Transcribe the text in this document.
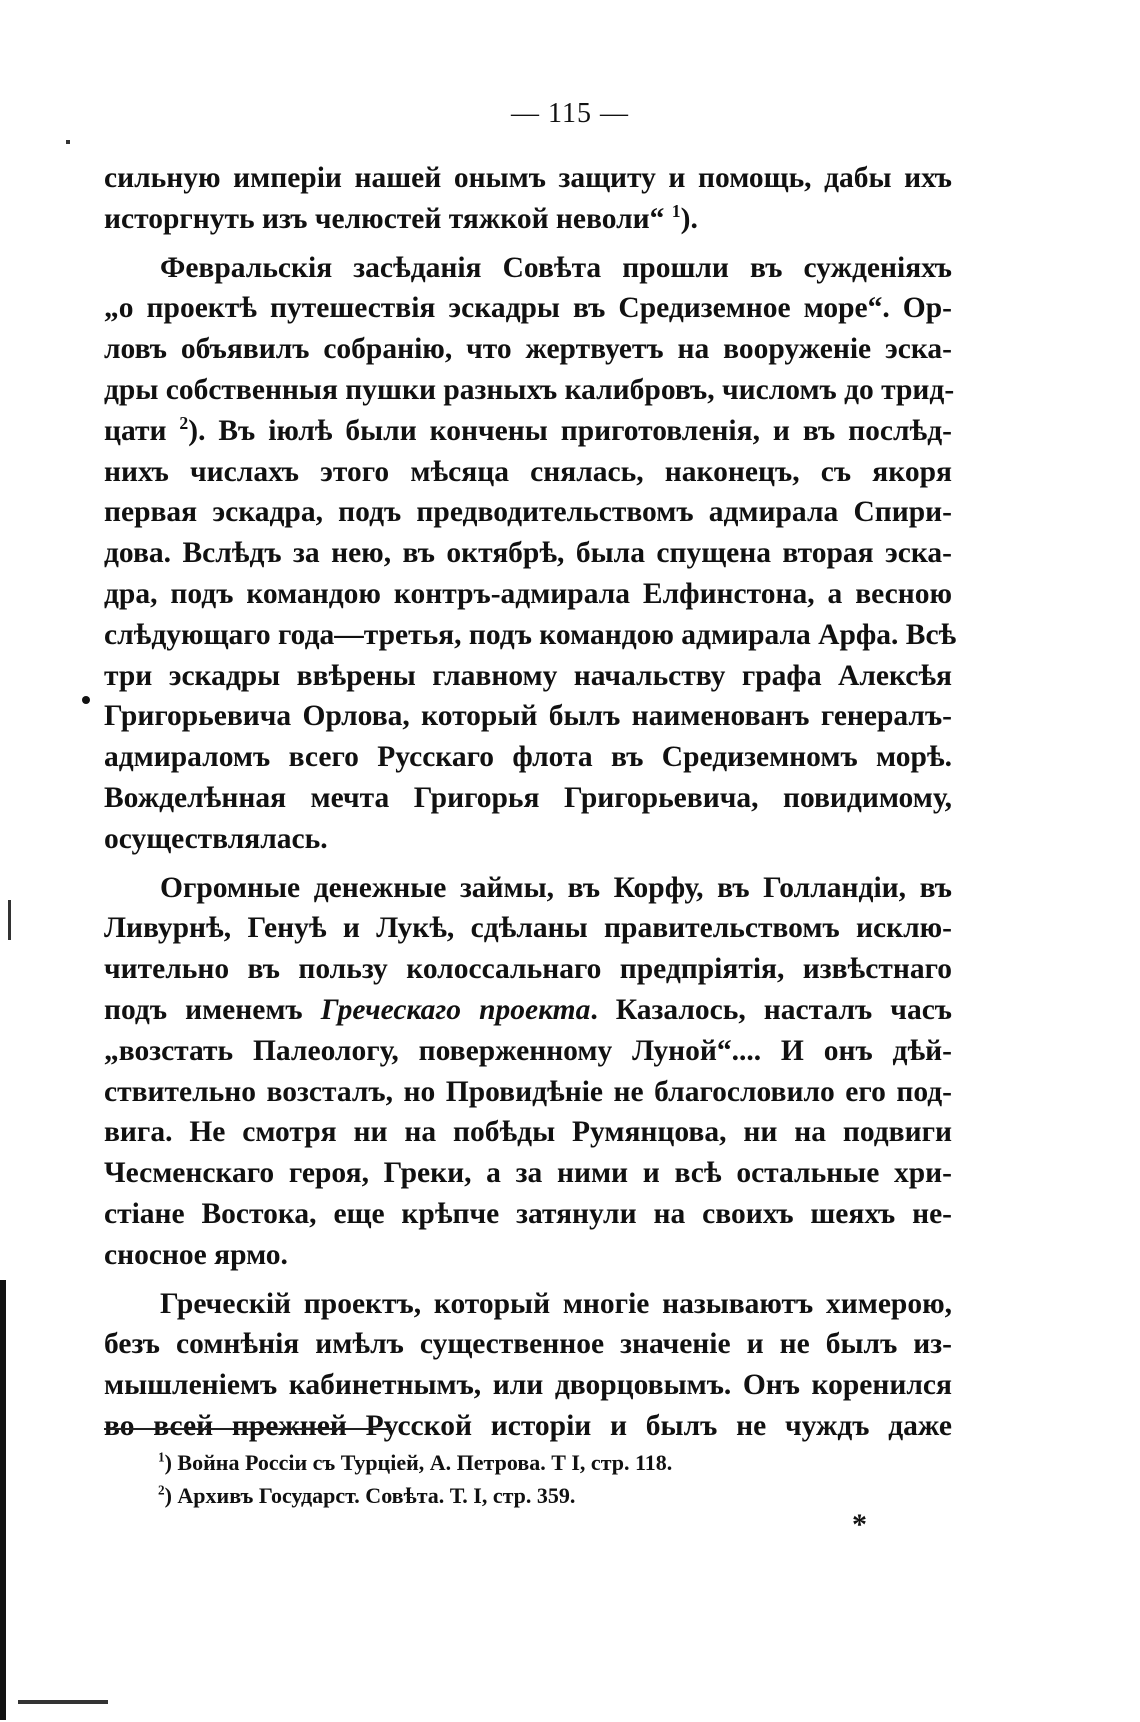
— 115 —
сильную имперіи нашей онымъ защиту и помощь, дабы ихъ
исторгнуть изъ челюстей тяжкой неволи“ $^1$).
Февральскія засѣданія Совѣта прошли въ сужденіяхъ
„о проектѣ путешествія эскадры въ Средиземное море“. Ор-
ловъ объявилъ собранію, что жертвуетъ на вооруженіе эска-
дры собственныя пушки разныхъ калибровъ, числомъ до трид-
цати $^2$). Въ іюлѣ были кончены приготовленія, и въ послѣд-
нихъ числахъ этого мѣсяца снялась, наконецъ, съ якоря
первая эскадра, подъ предводительствомъ адмирала Спири-
дова. Вслѣдъ за нею, въ октябрѣ, была спущена вторая эска-
дра, подъ командою контръ-адмирала Елфинстона, а весною
слѣдующаго года—третья, подъ командою адмирала Арфа. Всѣ
три эскадры ввѣрены главному начальству графа Алексѣя
Григорьевича Орлова, который былъ наименованъ генералъ-
адмираломъ всего Русскаго флота въ Средиземномъ морѣ.
Вожделѣнная мечта Григорья Григорьевича, повидимому,
осуществлялась.
Огромные денежные займы, въ Корфу, въ Голландіи, въ
Ливурнѣ, Генуѣ и Лукѣ, сдѣланы правительствомъ исклю-
чительно въ пользу колоссальнаго предпріятія, извѣстнаго
подъ именемъ Греческаго проекта. Казалось, насталъ часъ
„возстать Палеологу, поверженному Луной“.... И онъ дѣй-
ствительно возсталъ, но Провидѣніе не благословило его под-
вига. Не смотря ни на побѣды Румянцова, ни на подвиги
Чесменскаго героя, Греки, а за ними и всѣ остальные хри-
стіане Востока, еще крѣпче затянули на своихъ шеяхъ не-
сносное ярмо.
Греческій проектъ, который многіе называютъ химерою,
безъ сомнѣнія имѣлъ существенное значеніе и не былъ из-
мышленіемъ кабинетнымъ, или дворцовымъ. Онъ коренился
во всей прежней Русской исторіи и былъ не чуждъ даже
$^1$) Война Россіи съ Турціей, А. Петрова. Т I, стр. 118.
$^2$) Архивъ Государст. Совѣта. Т. I, стр. 359.
*
